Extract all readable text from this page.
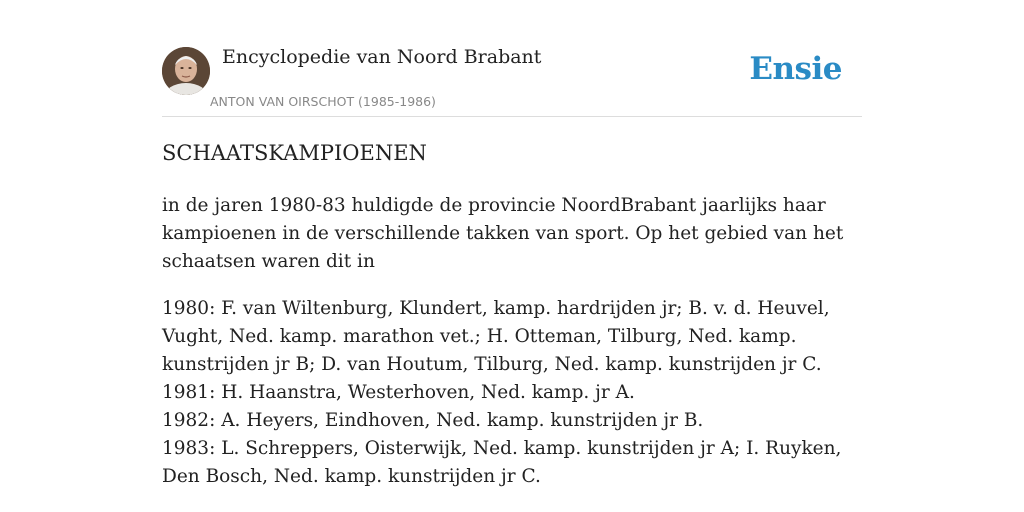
Encyclopedie van Noord Brabant
ANTON VAN OIRSCHOT (1985-1986)
Ensie
SCHAATSKAMPIOENEN

in de jaren 1980-83 huldigde de provincie NoordBrabant jaarlijks haar kampioenen in de verschillende takken van sport. Op het gebied van het schaatsen waren dit in

1980: F. van Wiltenburg, Klundert, kamp. hardrijden jr; B. v. d. Heuvel, Vught, Ned. kamp. marathon vet.; H. Otteman, Tilburg, Ned. kamp. kunstrijden jr B; D. van Houtum, Tilburg, Ned. kamp. kunstrijden jr C.
1981: H. Haanstra, Westerhoven, Ned. kamp. jr A.
1982: A. Heyers, Eindhoven, Ned. kamp. kunstrijden jr B.
1983: L. Schreppers, Oisterwijk, Ned. kamp. kunstrijden jr A; I. Ruyken, Den Bosch, Ned. kamp. kunstrijden jr C.
